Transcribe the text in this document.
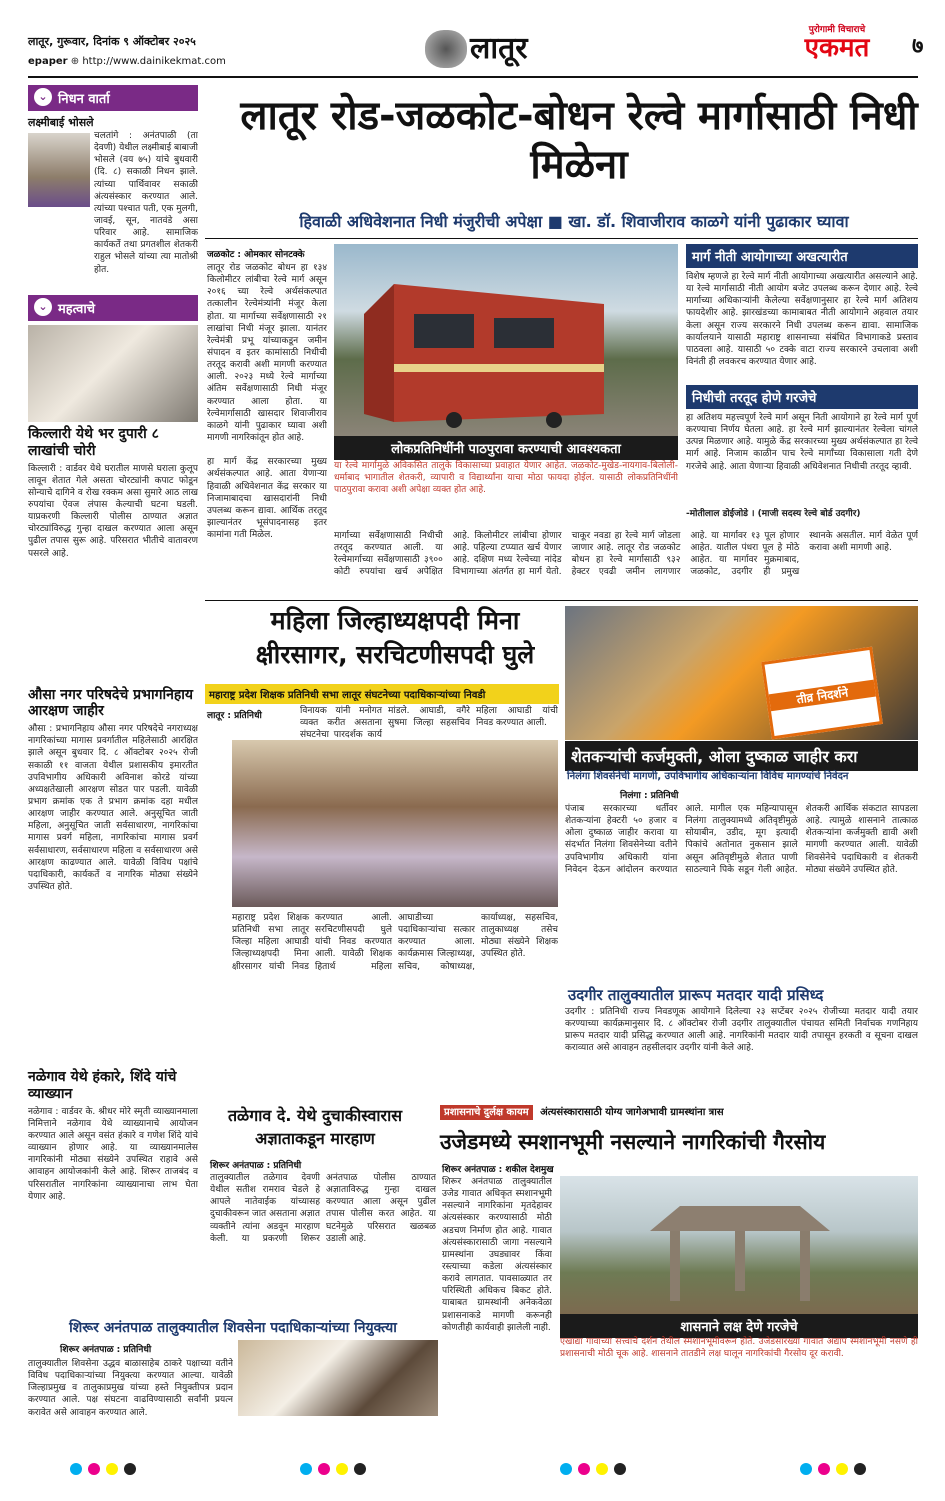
लातूर, गुरूवार, दिनांक ९ ऑक्टोबर २०२५
epaper ⊕ http://www.dainikekmat.com	लातूर
पुरोगामी विचाराचे
एकमत	७
⌄ निधन वार्ता
लक्ष्मीबाई भोसले
चलतांगे : अनंतपाळी (ता देवणी) येथील लक्ष्मीबाई बाबाजी भोसले (वय ७५) यांचे बुधवारी (दि. ८) सकाळी निधन झाले. त्यांच्या पार्थिवावर सकाळी अंत्यसंस्कार करण्यात आले. त्यांच्या पश्चात पती, एक मुलगी, जावई, सून, नातवंडे असा परिवार आहे. सामाजिक कार्यकर्ते तथा प्रगतशील शेतकरी राहुल भोसले यांच्या त्या मातोश्री होत.
⌄ महत्वाचे
किल्लारी येथे भर दुपारी ८ लाखांची चोरी
किल्लारी : वार्डवर येथे घरातील माणसे घराला कुलूप लावून शेतात गेले असता चोरट्यांनी कपाट फोडून सोन्याचे दागिने व रोख रक्कम असा सुमारे आठ लाख रुपयांचा ऐवज लंपास केल्याची घटना घडली. याप्रकरणी किल्लारी पोलीस ठाण्यात अज्ञात चोरट्यांविरुद्ध गुन्हा दाखल करण्यात आला असून पुढील तपास सुरू आहे. परिसरात भीतीचे वातावरण पसरले आहे.
औसा नगर परिषदेचे प्रभागनिहाय आरक्षण जाहीर
औसा : प्रभागनिहाय औसा नगर परिषदेचे नगराध्यक्ष नागरिकांच्या मागास प्रवर्गातील महिलेसाठी आरक्षित झाले असून बुधवार दि. ८ ऑक्टोबर २०२५ रोजी सकाळी ११ वाजता येथील प्रशासकीय इमारतीत उपविभागीय अधिकारी अविनाश कोरडे यांच्या अध्यक्षतेखाली आरक्षण सोडत पार पडली. यावेळी प्रभाग क्रमांक एक ते प्रभाग क्रमांक दहा मधील आरक्षण जाहीर करण्यात आले. अनुसूचित जाती महिला, अनुसूचित जाती सर्वसाधारण, नागरिकांचा मागास प्रवर्ग महिला, नागरिकांचा मागास प्रवर्ग सर्वसाधारण, सर्वसाधारण महिला व सर्वसाधारण असे आरक्षण काढण्यात आले. यावेळी विविध पक्षांचे पदाधिकारी, कार्यकर्ते व नागरिक मोठ्या संख्येने उपस्थित होते.
नळेगाव येथे हंकारे, शिंदे यांचे व्याख्यान
नळेगाव : वार्डवर के. श्रीधर मोरे स्मृती व्याख्यानमाला निमित्ताने नळेगाव येथे व्याख्यानाचे आयोजन करण्यात आले असून वसंत हंकारे व गणेश शिंदे यांचे व्याख्यान होणार आहे. या व्याख्यानमालेस नागरिकांनी मोठ्या संख्येने उपस्थित राहावे असे आवाहन आयोजकांनी केले आहे. शिरूर ताजबंद व परिसरातील नागरिकांना व्याख्यानाचा लाभ घेता येणार आहे.
लातूर रोड-जळकोट-बोधन रेल्वे मार्गासाठी निधी मिळेना
हिवाळी अधिवेशनात निधी मंजुरीची अपेक्षा ■ खा. डॉ. शिवाजीराव काळगे यांनी पुढाकार घ्यावा
जळकोट : ओमकार सोनटक्के
लातूर रोड जळकोट बोधन हा १३४ किलोमीटर लांबीचा रेल्वे मार्ग असून २०१६ च्या रेल्वे अर्थसंकल्पात तत्कालीन रेल्वेमंत्र्यांनी मंजूर केला होता. या मार्गाच्या सर्वेक्षणासाठी २१ लाखांचा निधी मंजूर झाला. यानंतर रेल्वेमंत्री प्रभू यांच्याकडून जमीन संपादन व इतर कामांसाठी निधीची तरतूद करावी अशी मागणी करण्यात आली. २०२३ मध्ये रेल्वे मार्गाच्या अंतिम सर्वेक्षणासाठी निधी मंजूर करण्यात आला होता. या रेल्वेमार्गासाठी खासदार शिवाजीराव काळगे यांनी पुढाकार घ्यावा अशी मागणी नागरिकांतून होत आहे.

हा मार्ग केंद्र सरकारच्या मुख्य अर्थसंकल्पात आहे. आता येणाऱ्या हिवाळी अधिवेशनात केंद्र सरकार या निजामाबादचा खासदारांनी निधी उपलब्ध करून द्यावा. आर्थिक तरतूद झाल्यानंतर भूसंपादनासह इतर कामांना गती मिळेल.
लोकप्रतिनिधींनी पाठपुरावा करण्याची आवश्यकता
या रेल्वे मार्गामुळे अविकसित तालुके विकासाच्या प्रवाहात येणार आहेत. जळकोट-मुखेड-नायगाव-बिलोली-धर्माबाद भागातील शेतकरी, व्यापारी व विद्यार्थ्यांना याचा मोठा फायदा होईल. यासाठी लोकप्रतिनिधींनी पाठपुरावा करावा अशी अपेक्षा व्यक्त होत आहे.
मार्गाच्या सर्वेक्षणासाठी निधीची तरतूद करण्यात आली. या रेल्वेमार्गाच्या सर्वेक्षणासाठी ३९०० कोटी रुपयांचा खर्च अपेक्षित आहे. किलोमीटर लांबीचा होणार आहे. पहिल्या टप्प्यात खर्च येणार आहे. दक्षिण मध्य रेल्वेच्या नांदेड विभागाच्या अंतर्गत हा मार्ग येतो. चाकूर नवडा हा रेल्वे मार्ग जोडला जाणार आहे. लातूर रोड जळकोट बोधन हा रेल्वे मार्गासाठी ९३२ हेक्टर एवढी जमीन लागणार आहे. या मार्गावर १३ पूल होणार आहेत. यातील पंधरा पूल हे मोठे आहेत. या मार्गावर मुक्रमाबाद, जळकोट, उदगीर ही प्रमुख स्थानके असतील. मार्ग वेळेत पूर्ण करावा अशी मागणी आहे.
मार्ग नीती आयोगाच्या अखत्यारीत
विशेष म्हणजे हा रेल्वे मार्ग नीती आयोगाच्या अखत्यारीत असल्याने आहे. या रेल्वे मार्गासाठी नीती आयोग बजेट उपलब्ध करून देणार आहे. रेल्वे मार्गाच्या अधिकाऱ्यांनी केलेल्या सर्वेक्षणानुसार हा रेल्वे मार्ग अतिशय फायदेशीर आहे. झारखंडच्या कामाबाबत नीती आयोगाने अहवाल तयार केला असून राज्य सरकारने निधी उपलब्ध करून द्यावा. सामाजिक कार्यालयाने यासाठी महाराष्ट्र शासनाच्या संबंधित विभागाकडे प्रस्ताव पाठवला आहे. यासाठी ५० टक्के वाटा राज्य सरकारने उचलावा अशी विनंती ही लवकरच करण्यात येणार आहे.
निधीची तरतूद होणे गरजेचे
हा अतिशय महत्त्वपूर्ण रेल्वे मार्ग असून निती आयोगाने हा रेल्वे मार्ग पूर्ण करण्याचा निर्णय घेतला आहे. हा रेल्वे मार्ग झाल्यानंतर रेल्वेला चांगले उत्पन्न मिळणार आहे. यामुळे केंद्र सरकारच्या मुख्य अर्थसंकल्पात हा रेल्वे मार्ग आहे. निजाम काळीन पाच रेल्वे मार्गांच्या विकासाला गती देणे गरजेचे आहे. आता येणाऱ्या हिवाळी अधिवेशनात निधीची तरतूद व्हावी.
-मोतीलाल डोईजोडे । (माजी सदस्य रेल्वे बोर्ड उदगीर)
महिला जिल्हाध्यक्षपदी मिना क्षीरसागर, सरचिटणीसपदी घुले
महाराष्ट्र प्रदेश शिक्षक प्रतिनिधी सभा लातूर संघटनेच्या पदाधिकाऱ्यांच्या निवडी
लातूर : प्रतिनिधी	विनायक यांनी मनोगत व्यक्त करीत असताना संघटनेचा पारदर्शक कार्य मांडले. आघाडी, वगैरे सुषमा जिल्हा सहसचिव महिला आघाडी यांची निवड करण्यात आली.
महाराष्ट्र प्रदेश शिक्षक प्रतिनिधी सभा लातूर जिल्हा महिला आघाडी जिल्हाध्यक्षपदी मिना क्षीरसागर यांची निवड करण्यात आली. सरचिटणीसपदी घुले यांची निवड करण्यात आली. यावेळी शिक्षक हितार्थ महिला आघाडीच्या पदाधिकाऱ्यांचा सत्कार करण्यात आला. कार्यक्रमास जिल्हाध्यक्ष, सचिव, कोषाध्यक्ष, कार्याध्यक्ष, सहसचिव, तालुकाध्यक्ष तसेच मोठ्या संख्येने शिक्षक उपस्थित होते.
तीव्र निदर्शने
शेतकऱ्यांची कर्जमुक्ती, ओला दुष्काळ जाहीर करा
निलंगा शिवसेनेची मागणी, उपविभागीय अधिकाऱ्यांना विविध मागण्यांचे निवेदन
निलंगा : प्रतिनिधी
पंजाब सरकारच्या धर्तीवर शेतकऱ्यांना हेक्टरी ५० हजार व ओला दुष्काळ जाहीर करावा या संदर्भात निलंगा शिवसेनेच्या वतीने उपविभागीय अधिकारी यांना निवेदन देऊन आंदोलन करण्यात आले. मागील एक महिन्यापासून निलंगा तालुक्यामध्ये अतिवृष्टीमुळे सोयाबीन, उडीद, मूग इत्यादी पिकांचे अतोनात नुकसान झाले असून अतिवृष्टीमुळे शेतात पाणी साठल्याने पिके सडून गेली आहेत. शेतकरी आर्थिक संकटात सापडला आहे. त्यामुळे शासनाने तात्काळ शेतकऱ्यांना कर्जमुक्ती द्यावी अशी मागणी करण्यात आली. यावेळी शिवसेनेचे पदाधिकारी व शेतकरी मोठ्या संख्येने उपस्थित होते.
उदगीर तालुक्यातील प्रारूप मतदार यादी प्रसिध्द
उदगीर : प्रतिनिधी राज्य निवडणूक आयोगाने दिलेल्या २३ सप्टेंबर २०२५ रोजीच्या मतदार यादी तयार करण्याच्या कार्यक्रमानुसार दि. ८ ऑक्टोबर रोजी उदगीर तालुक्यातील पंचायत समिती निर्वाचक गणनिहाय प्रारूप मतदार यादी प्रसिद्ध करण्यात आली आहे. नागरिकांनी मतदार यादी तपासून हरकती व सूचना दाखल कराव्यात असे आवाहन तहसीलदार उदगीर यांनी केले आहे.
तळेगाव दे. येथे दुचाकीस्वारास अज्ञाताकडून मारहाण
शिरूर अनंतपाळ : प्रतिनिधी
तालुक्यातील तळेगाव देवणी येथील सतीश रामराव चेडले हे आपले नातेवाईक यांच्यासह दुचाकीवरून जात असताना अज्ञात व्यक्तीने त्यांना अडवून मारहाण केली. या प्रकरणी शिरूर अनंतपाळ पोलीस ठाण्यात अज्ञाताविरुद्ध गुन्हा दाखल करण्यात आला असून पुढील तपास पोलीस करत आहेत. या घटनेमुळे परिसरात खळबळ उडाली आहे.
प्रशासनाचे दुर्लक्ष कायम अंत्यसंस्कारासाठी योग्य जागेअभावी ग्रामस्थांना त्रास
उजेडमध्ये स्मशानभूमी नसल्याने नागरिकांची गैरसोय
शिरूर अनंतपाळ : शकील देशमुख
शिरूर अनंतपाळ तालुक्यातील उजेड गावात अधिकृत स्मशानभूमी नसल्याने नागरिकांना मृतदेहावर अंत्यसंस्कार करण्यासाठी मोठी अडचण निर्माण होत आहे. गावात अंत्यसंस्कारासाठी जागा नसल्याने ग्रामस्थांना उघड्यावर किंवा रस्त्याच्या कडेला अंत्यसंस्कार करावे लागतात. पावसाळ्यात तर परिस्थिती अधिकच बिकट होते. याबाबत ग्रामस्थांनी अनेकवेळा प्रशासनाकडे मागणी करूनही कोणतीही कार्यवाही झालेली नाही.	शासनाने लक्ष देणे गरजेचे
एखाद्या गावाच्या सत्त्वाचे दर्शन तेथील स्मशानभूमीवरून होते. उजेडसारख्या गावात अद्याप स्मशानभूमी नसणे ही प्रशासनाची मोठी चूक आहे. शासनाने तातडीने लक्ष घालून नागरिकांची गैरसोय दूर करावी.
शिरूर अनंतपाळ तालुक्यातील शिवसेना पदाधिकाऱ्यांच्या नियुक्त्या
शिरूर अनंतपाळ : प्रतिनिधी
तालुक्यातील शिवसेना उद्धव बाळासाहेब ठाकरे पक्षाच्या वतीने विविध पदाधिकाऱ्यांच्या नियुक्त्या करण्यात आल्या. यावेळी जिल्हाप्रमुख व तालुकाप्रमुख यांच्या हस्ते नियुक्तीपत्र प्रदान करण्यात आले. पक्ष संघटना वाढविण्यासाठी सर्वांनी प्रयत्न करावेत असे आवाहन करण्यात आले.
